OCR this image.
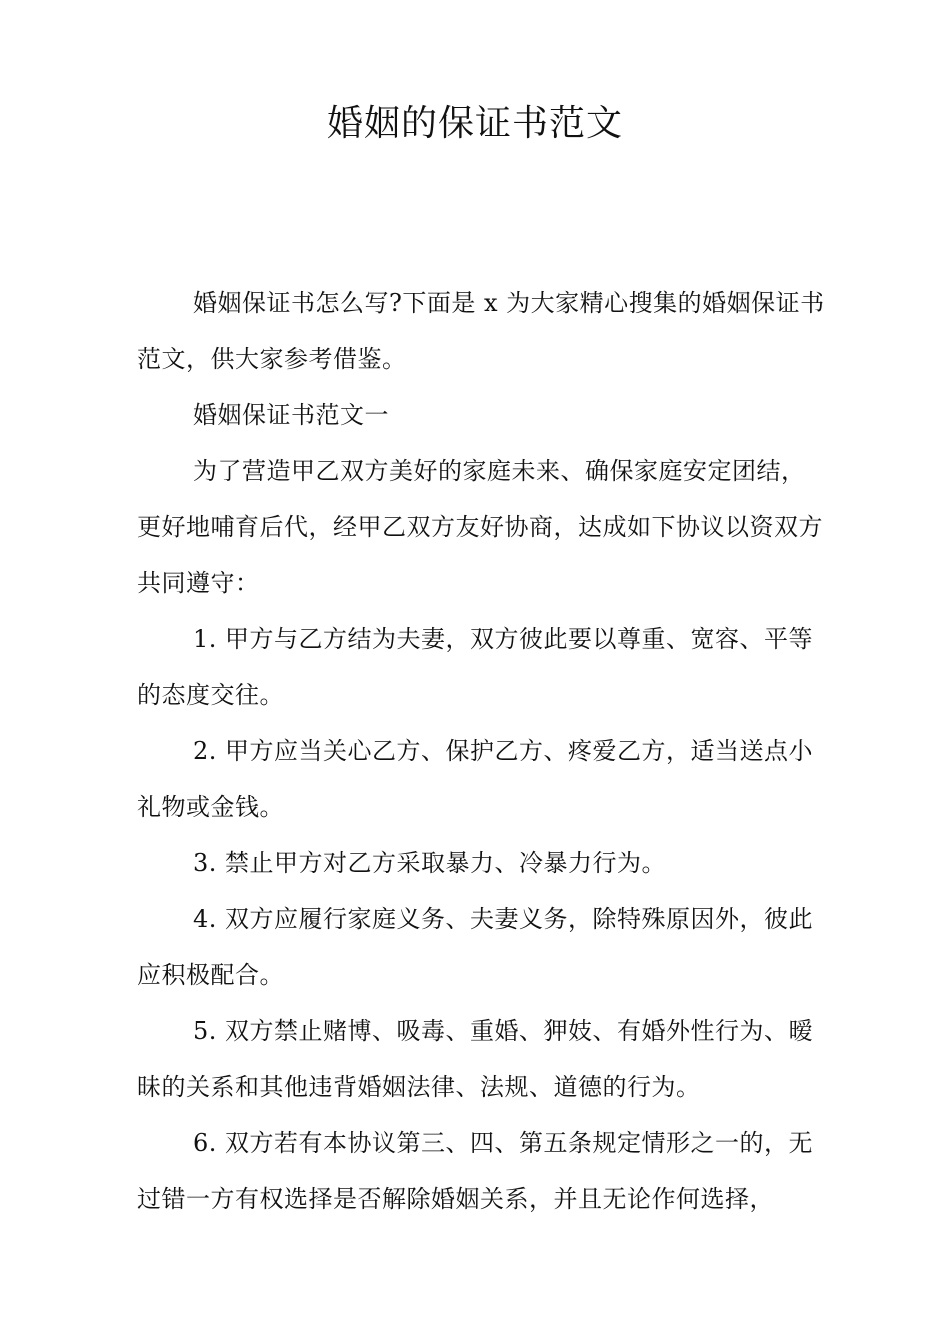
婚姻的保证书范文

婚姻保证书怎么写?下面是 x 为大家精心搜集的婚姻保证书范文，供大家参考借鉴。

婚姻保证书范文一

为了营造甲乙双方美好的家庭未来、确保家庭安定团结，更好地哺育后代，经甲乙双方友好协商，达成如下协议以资双方共同遵守：

1. 甲方与乙方结为夫妻，双方彼此要以尊重、宽容、平等的态度交往。

2. 甲方应当关心乙方、保护乙方、疼爱乙方，适当送点小礼物或金钱。

3. 禁止甲方对乙方采取暴力、冷暴力行为。

4. 双方应履行家庭义务、夫妻义务，除特殊原因外，彼此应积极配合。

5. 双方禁止赌博、吸毒、重婚、狎妓、有婚外性行为、暧昧的关系和其他违背婚姻法律、法规、道德的行为。

6. 双方若有本协议第三、四、第五条规定情形之一的，无过错一方有权选择是否解除婚姻关系，并且无论作何选择，
